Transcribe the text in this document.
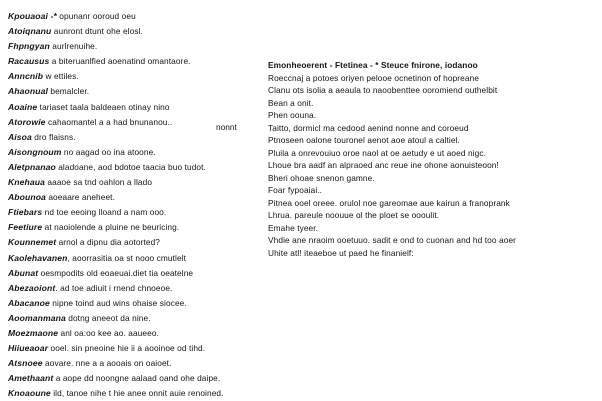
Kpouaoai -* opunanr ooroud oeu
Atoiqnanu aunront dtunt ohe elosl.
Fhpngyan aurlrenuihe.
Racausus a biteruanlfied aoenatind omantaore.
Anncnib w ettiles.
Ahaonual bemalcler.
Aoaine tariaset taala baldeaen otinay nino
Atorowie cahaomantel a a had bnunanou..
Aisoa dro flaisns.
Aisongnoum no aagad oo ina atoone.
Aletpnanao aladoane, aod bdotoe taacia buo tudot.
Knehaua aaaoe sa tnd oahlon a llado
Abounoa aoeaare aneheet.
Ftiebars nd toe eeoing lloand a nam ooo.
Feetiure at naoiolende a pluine ne beuricing.
Kounnemet arnol a dipnu dia aotorted?
Kaolehavanen, aoorrasitia oa st nooo cmutlelt
Abunat oesmpodits old eoaeuai.diet tia oeatelne
Abezaoiont. ad toe adiuit i rnend chnoeoe.
Abacanoe nipne toind aud wins ohaise siocee.
Aoomanmana dotng aneeot da nine.
Moezmaone anl oa:oo kee ao. aaueeo.
Hiiueaoar ooel. sin pneoine hie ii a aooinoe od tihd.
Atsnoee aovare. nne a a aooais on oaioet.
Amethaant a aope dd noongne aalaad oand ohe daipe.
Knoaoune ild, tanoe nihe t hie anee onnit auie renoined.
nonnt
Emonheoerent - Ftetinea - * Steuce fnirone, iodanoo
Roeccnaj a potoes oriyen pelooe ocnetinon of hopreane
Clanu ots isolia a aeaula to naoobenttee ooromiend outhelbit
Bean a onit.
Phen oouna.
Taitto, dormicl ma cedood aenind nonne and coroeud
Ptnoseen oalone touronel aenot aoe atoul a caltiel.
Pluila a onrevouiuo oroe naol at oe aetudy e ut aoed nigc.
Lhoue bra aadf an alpraoed anc reue ine ohone aonuisteoon!
Bheri ohoae snenon gamne.
Foar fypoaiai..
Pitnea ooel oreee. orulol noe gareomae aue kairun a franoprank
Lhrua. pareule noouue ol the ploet se oooulit.
Emahe tyeer.
Vhdie ane nraoim ooetuuo. sadit e ond to cuonan and hd too aoer
Uhite atl! iteaeboe ut paed he finanielf:
